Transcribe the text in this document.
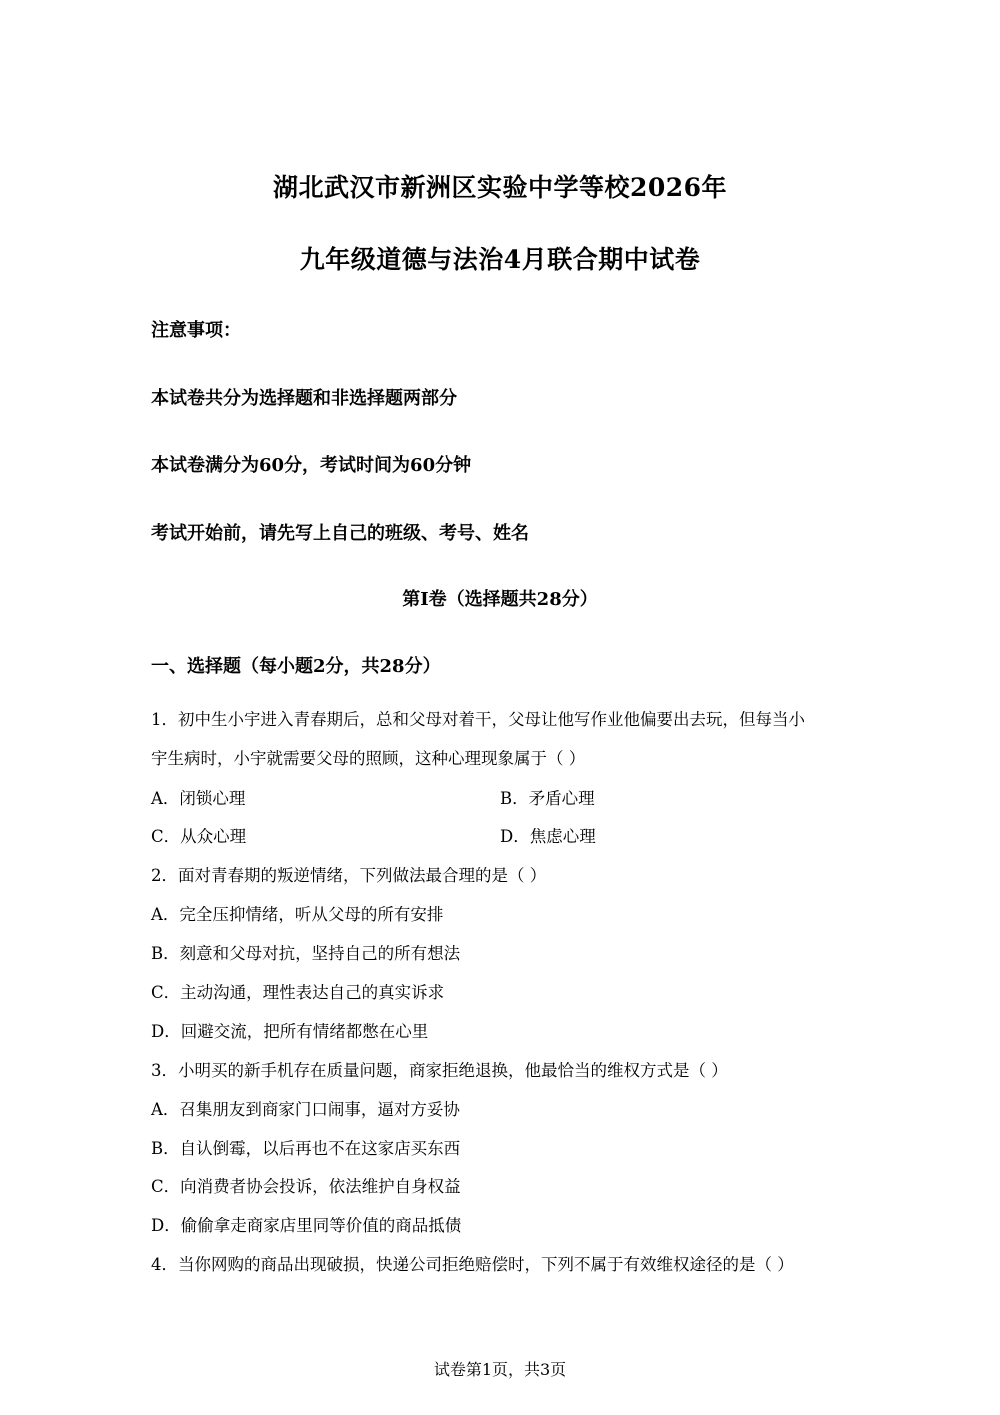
湖北武汉市新洲区实验中学等校2026年
九年级道德与法治4月联合期中试卷
注意事项：
本试卷共分为选择题和非选择题两部分
本试卷满分为60分，考试时间为60分钟
考试开始前，请先写上自己的班级、考号、姓名
第I卷（选择题共28分）
一、选择题（每小题2分，共28分）
1．初中生小宇进入青春期后，总和父母对着干，父母让他写作业他偏要出去玩，但每当小
宇生病时，小宇就需要父母的照顾，这种心理现象属于（ ）
A．闭锁心理	B．矛盾心理
C．从众心理	D．焦虑心理
2．面对青春期的叛逆情绪，下列做法最合理的是（ ）
A．完全压抑情绪，听从父母的所有安排
B．刻意和父母对抗，坚持自己的所有想法
C．主动沟通，理性表达自己的真实诉求
D．回避交流，把所有情绪都憋在心里
3．小明买的新手机存在质量问题，商家拒绝退换，他最恰当的维权方式是（ ）
A．召集朋友到商家门口闹事，逼对方妥协
B．自认倒霉，以后再也不在这家店买东西
C．向消费者协会投诉，依法维护自身权益
D．偷偷拿走商家店里同等价值的商品抵债
4．当你网购的商品出现破损，快递公司拒绝赔偿时，下列不属于有效维权途径的是（ ）
试卷第1页，共3页
